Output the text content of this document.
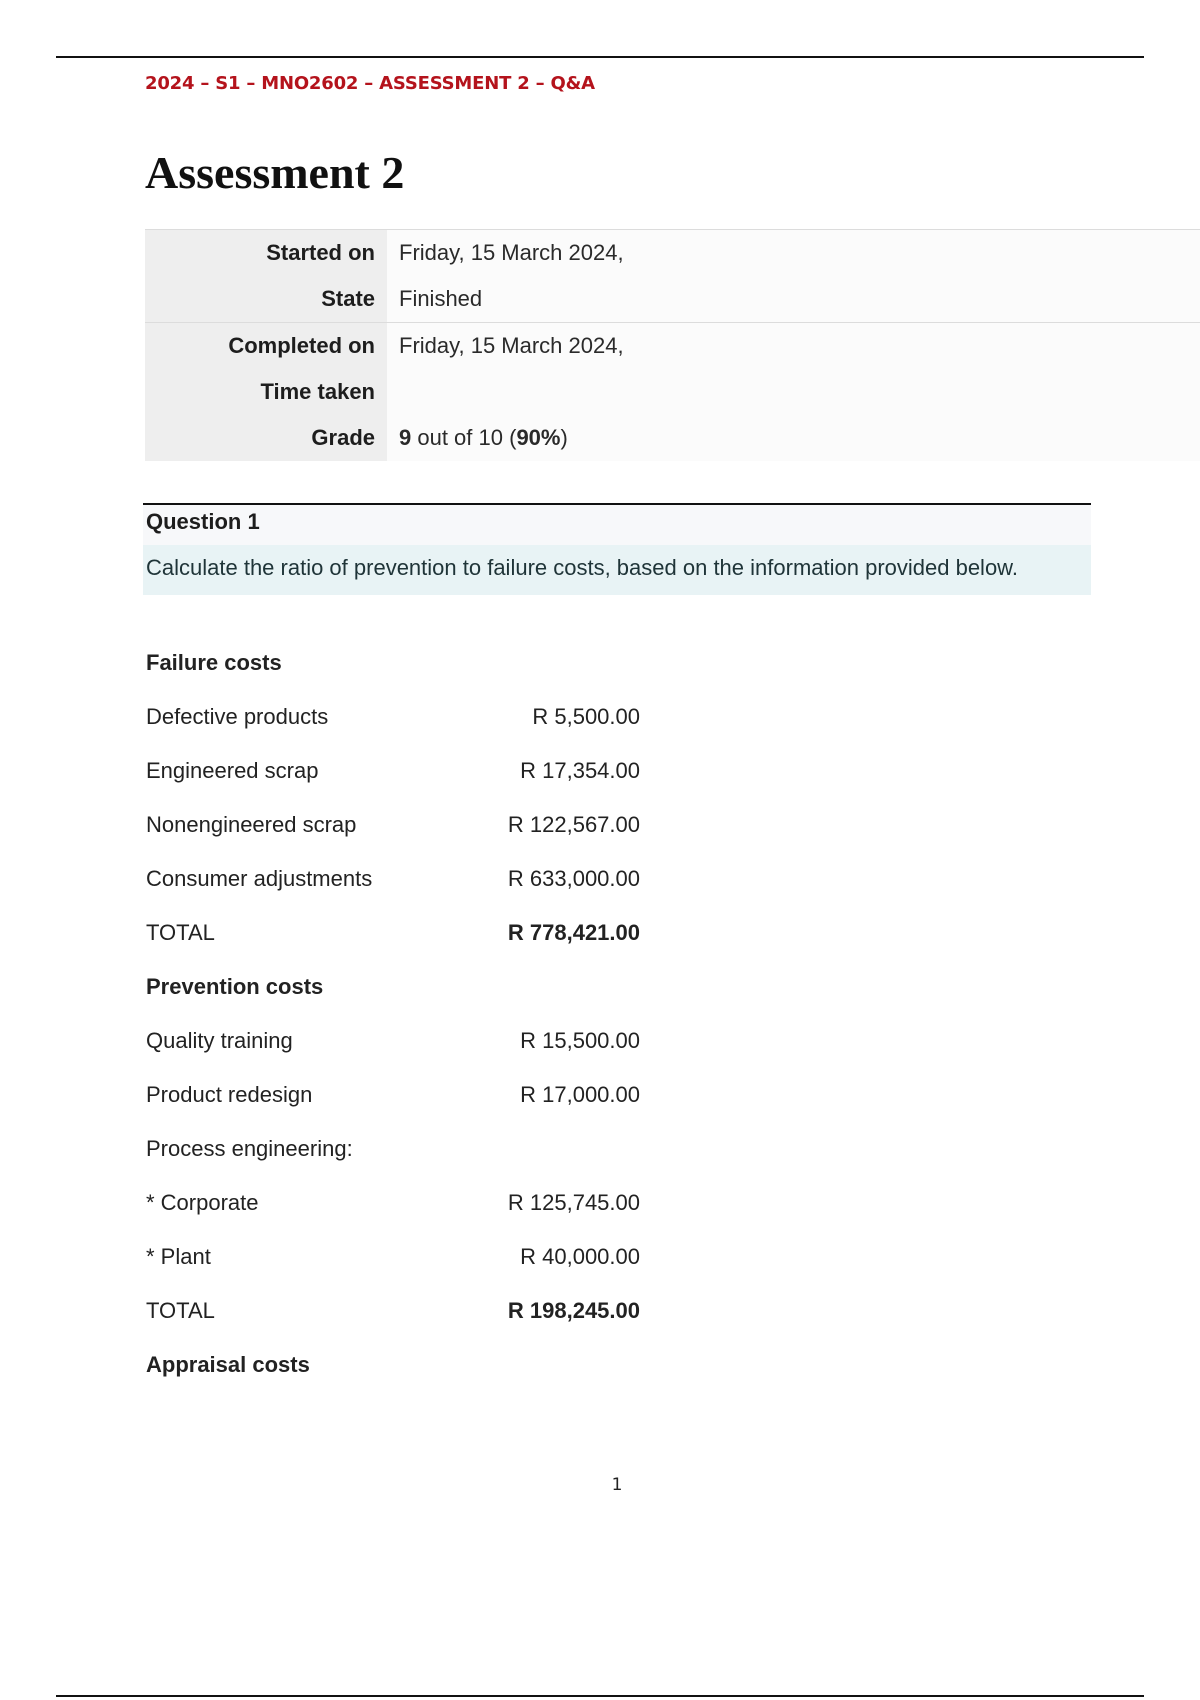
2024 – S1 – MNO2602 – ASSESSMENT 2 – Q&A
Assessment 2
Started on	Friday, 15 March 2024,
State	Finished
Completed on	Friday, 15 March 2024,
Time taken
Grade	9 out of 10 ( 90% )
Question 1
Calculate the ratio of prevention to failure costs, based on the information provided below.
Failure costs
Defective products	R 5,500.00
Engineered scrap	R 17,354.00
Nonengineered scrap	R 122,567.00
Consumer adjustments	R 633,000.00
TOTAL	R 778,421.00
Prevention costs
Quality training	R 15,500.00
Product redesign	R 17,000.00
Process engineering:
* Corporate	R 125,745.00
* Plant	R 40,000.00
TOTAL	R 198,245.00
Appraisal costs
1
